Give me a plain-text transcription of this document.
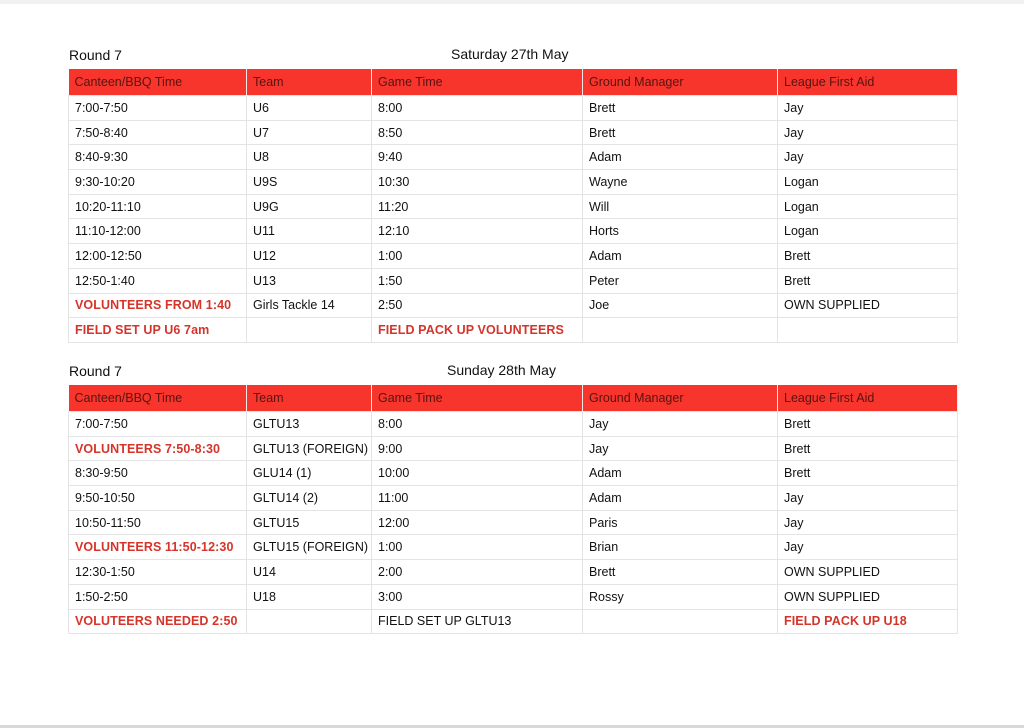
Round 7	Saturday 27th May
Canteen/BBQ Time	Team	Game Time	Ground Manager	League First Aid
7:00-7:50	U6	8:00	Brett	Jay
7:50-8:40	U7	8:50	Brett	Jay
8:40-9:30	U8	9:40	Adam	Jay
9:30-10:20	U9S	10:30	Wayne	Logan
10:20-11:10	U9G	11:20	Will	Logan
11:10-12:00	U11	12:10	Horts	Logan
12:00-12:50	U12	1:00	Adam	Brett
12:50-1:40	U13	1:50	Peter	Brett
VOLUNTEERS FROM 1:40	Girls Tackle 14	2:50	Joe	OWN SUPPLIED
FIELD SET UP U6 7am		FIELD PACK UP VOLUNTEERS		
Round 7	Sunday 28th May
Canteen/BBQ Time	Team	Game Time	Ground Manager	League First Aid
7:00-7:50	GLTU13	8:00	Jay	Brett
VOLUNTEERS 7:50-8:30	GLTU13 (FOREIGN)	9:00	Jay	Brett
8:30-9:50	GLU14 (1)	10:00	Adam	Brett
9:50-10:50	GLTU14 (2)	11:00	Adam	Jay
10:50-11:50	GLTU15	12:00	Paris	Jay
VOLUNTEERS 11:50-12:30	GLTU15 (FOREIGN)	1:00	Brian	Jay
12:30-1:50	U14	2:00	Brett	OWN SUPPLIED
1:50-2:50	U18	3:00	Rossy	OWN SUPPLIED
VOLUTEERS NEEDED 2:50		FIELD SET UP GLTU13		FIELD PACK UP U18
